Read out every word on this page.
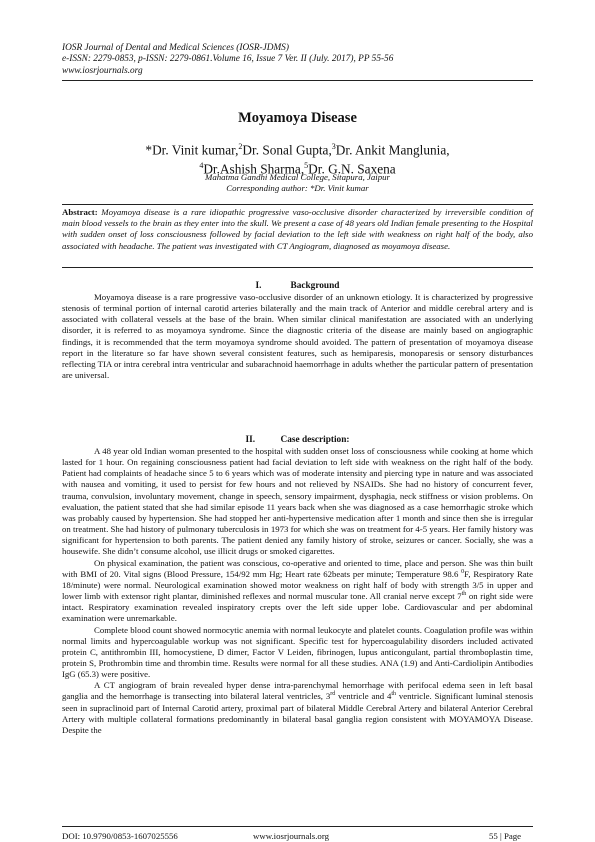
IOSR Journal of Dental and Medical Sciences (IOSR-JDMS)
e-ISSN: 2279-0853, p-ISSN: 2279-0861.Volume 16, Issue 7 Ver. II (July. 2017), PP 55-56
www.iosrjournals.org
Moyamoya Disease
*Dr. Vinit kumar,$^2$Dr. Sonal Gupta,$^3$Dr. Ankit Manglunia,
$^4$Dr.Ashish Sharma,$^5$Dr. G.N. Saxena
Mahatma Gandhi Medical College, Sitapura, Jaipur
Corresponding author: *Dr. Vinit kumar
Abstract: Moyamoya disease is a rare idiopathic progressive vaso-occlusive disorder characterized by irreversible condition of main blood vessels to the brain as they enter into the skull. We present a case of 48 years old Indian female presenting to the Hospital with sudden onset of loss consciousness followed by facial deviation to the left side with weakness on right half of the body, also associated with headache. The patient was investigated with CT Angiogram, diagnosed as moyamoya disease.
I.	Background

Moyamoya disease is a rare progressive vaso-occlusive disorder of an unknown etiology. It is characterized by progressive stenosis of terminal portion of internal carotid arteries bilaterally and the main track of Anterior and middle cerebral artery and is associated with collateral vessels at the base of the brain. When similar clinical manifestation are associated with an underlying disorder, it is referred to as moyamoya syndrome. Since the diagnostic criteria of the disease are mainly based on angiographic findings, it is recommended that the term moyamoya syndrome should avoided. The pattern of presentation of moyamoya disease report in the literature so far have shown several consistent features, such as hemiparesis, monoparesis or sensory disturbances reflecting TIA or intra cerebral intra ventricular and subarachnoid haemorrhage in adults whether the particular pattern of presentation are universal.

II.	Case description:

A 48 year old Indian woman presented to the hospital with sudden onset loss of consciousness while cooking at home which lasted for 1 hour. On regaining consciousness patient had facial deviation to left side with weakness on the right half of the body. Patient had complaints of headache since 5 to 6 years which was of moderate intensity and piercing type in nature and was associated with nausea and vomiting, it used to persist for few hours and not relieved by NSAIDs. She had no history of concurrent fever, trauma, convulsion, involuntary movement, change in speech, sensory impairment, dysphagia, neck stiffness or vision problems. On evaluation, the patient stated that she had similar episode 11 years back when she was diagnosed as a case hemorrhagic stroke which was probably caused by hypertension. She had stopped her anti-hypertensive medication after 1 month and since then she is irregular on treatment. She had history of pulmonary tuberculosis in 1973 for which she was on treatment for 4-5 years. Her family history was significant for hypertension to both parents. The patient denied any family history of stroke, seizures or cancer. Socially, she was a housewife. She didn’t consume alcohol, use illicit drugs or smoked cigarettes.

On physical examination, the patient was conscious, co-operative and oriented to time, place and person. She was thin built with BMI of 20. Vital signs (Blood Pressure, 154/92 mm Hg; Heart rate 62beats per minute; Temperature 98.6 $^0$F, Respiratory Rate 18/minute) were normal. Neurological examination showed motor weakness on right half of body with strength 3/5 in upper and lower limb with extensor right plantar, diminished reflexes and normal muscular tone. All cranial nerve except 7th on right side were intact. Respiratory examination revealed inspiratory crepts over the left side upper lobe. Cardiovascular and per abdominal examination were unremarkable.

Complete blood count showed normocytic anemia with normal leukocyte and platelet counts. Coagulation profile was within normal limits and hypercoagulable workup was not significant. Specific test for hypercoagulability disorders included activated protein C, antithrombin III, homocystiene, D dimer, Factor V Leiden, fibrinogen, lupus anticongulant, partial thromboplastin time, protein S, Prothrombin time and thrombin time. Results were normal for all these studies. ANA (1.9) and Anti-Cardiolipin Antibodies IgG (65.3) were positive.

A CT angiogram of brain revealed hyper dense intra-parenchymal hemorrhage with perifocal edema seen in left basal ganglia and the hemorrhage is transecting into bilateral lateral ventricles, 3rd ventricle and 4th ventricle. Significant luminal stenosis seen in supraclinoid part of Internal Carotid artery, proximal part of bilateral Middle Cerebral Artery and bilateral Anterior Cerebral Artery with multiple collateral formations predominantly in bilateral basal ganglia region consistent with MOYAMOYA Disease. Despite the

DOI: 10.9790/0853-1607025556	www.iosrjournals.org	55 | Page
